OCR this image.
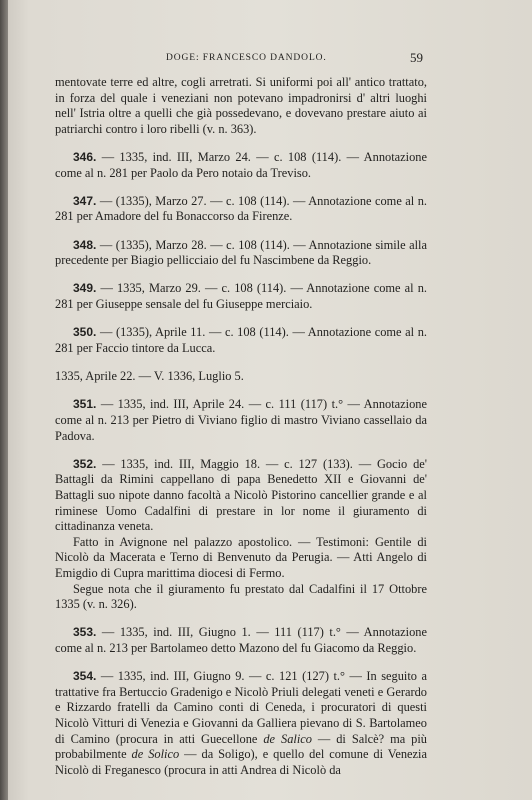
DOGE: FRANCESCO DANDOLO.	59

mentovate terre ed altre, cogli arretrati. Si uniformi poi all' antico trattato, in forza del quale i veneziani non potevano impadronirsi d' altri luoghi nell' Istria oltre a quelli che già possedevano, e dovevano prestare aiuto ai patriarchi contro i loro ribelli (v. n. 363).

346. — 1335, ind. III, Marzo 24. — c. 108 (114). — Annotazione come al n. 281 per Paolo da Pero notaio da Treviso.

347. — (1335), Marzo 27. — c. 108 (114). — Annotazione come al n. 281 per Amadore del fu Bonaccorso da Firenze.

348. — (1335), Marzo 28. — c. 108 (114). — Annotazione simile alla precedente per Biagio pellicciaio del fu Nascimbene da Reggio.

349. — 1335, Marzo 29. — c. 108 (114). — Annotazione come al n. 281 per Giuseppe sensale del fu Giuseppe merciaio.

350. — (1335), Aprile 11. — c. 108 (114). — Annotazione come al n. 281 per Faccio tintore da Lucca.

1335, Aprile 22. — V. 1336, Luglio 5.

351. — 1335, ind. III, Aprile 24. — c. 111 (117) t.° — Annotazione come al n. 213 per Pietro di Viviano figlio di mastro Viviano cassellaio da Padova.

352. — 1335, ind. III, Maggio 18. — c. 127 (133). — Gocio de' Battagli da Rimini cappellano di papa Benedetto XII e Giovanni de' Battagli suo nipote danno facoltà a Nicolò Pistorino cancellier grande e al riminese Uomo Cadalfini di prestare in lor nome il giuramento di cittadinanza veneta.

Fatto in Avignone nel palazzo apostolico. — Testimoni: Gentile di Nicolò da Macerata e Terno di Benvenuto da Perugia. — Atti Angelo di Emigdio di Cupra marittima diocesi di Fermo.

Segue nota che il giuramento fu prestato dal Cadalfini il 17 Ottobre 1335 (v. n. 326).

353. — 1335, ind. III, Giugno 1. — 111 (117) t.° — Annotazione come al n. 213 per Bartolameo detto Mazono del fu Giacomo da Reggio.

354. — 1335, ind. III, Giugno 9. — c. 121 (127) t.° — In seguito a trattative fra Bertuccio Gradenigo e Nicolò Priuli delegati veneti e Gerardo e Rizzardo fratelli da Camino conti di Ceneda, i procuratori di questi Nicolò Vitturi di Venezia e Giovanni da Galliera pievano di S. Bartolameo di Camino (procura in atti Guecellone de Salico — di Salcè? ma più probabilmente de Solico — da Soligo), e quello del comune di Venezia Nicolò di Freganesco (procura in atti Andrea di Nicolò da
